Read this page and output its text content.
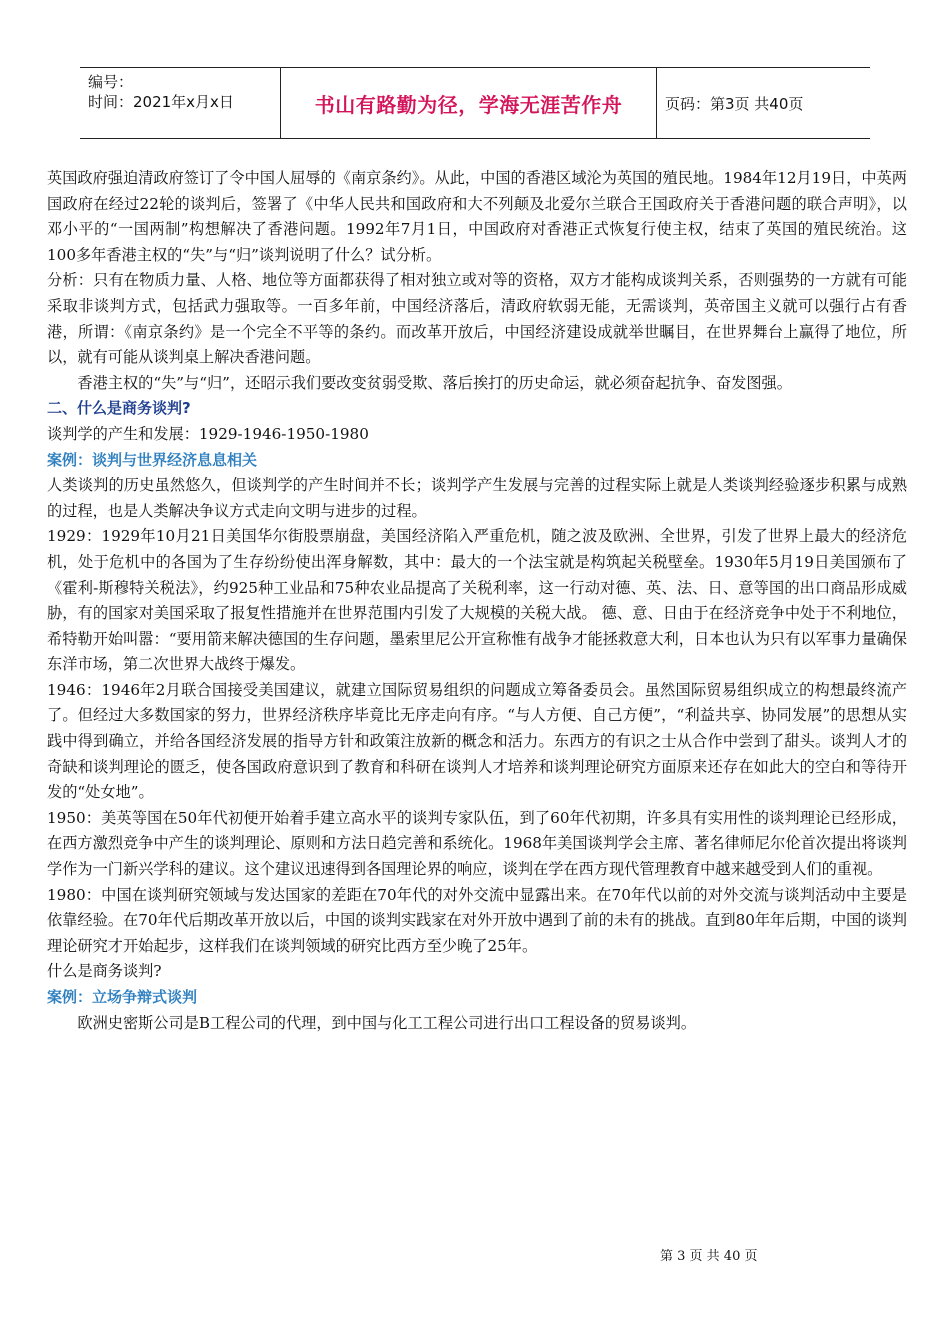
编号：
时间：2021年x月x日	书山有路勤为径，学海无涯苦作舟	页码：第3页 共40页

英国政府强迫清政府签订了令中国人屈辱的《南京条约》。从此，中国的香港区域沦为英国的殖民地。1984年12月19日，中英两国政府在经过22轮的谈判后，签署了《中华人民共和国政府和大不列颠及北爱尔兰联合王国政府关于香港问题的联合声明》，以邓小平的“一国两制”构想解决了香港问题。1992年7月1日，中国政府对香港正式恢复行使主权，结束了英国的殖民统治。这100多年香港主权的“失”与“归”谈判说明了什么？试分析。

分析：只有在物质力量、人格、地位等方面都获得了相对独立或对等的资格，双方才能构成谈判关系，否则强势的一方就有可能采取非谈判方式，包括武力强取等。一百多年前，中国经济落后，清政府软弱无能，无需谈判，英帝国主义就可以强行占有香港，所谓：《南京条约》是一个完全不平等的条约。而改革开放后，中国经济建设成就举世瞩目，在世界舞台上赢得了地位，所以，就有可能从谈判桌上解决香港问题。

香港主权的“失”与“归”，还昭示我们要改变贫弱受欺、落后挨打的历史命运，就必须奋起抗争、奋发图强。

二、什么是商务谈判?

谈判学的产生和发展：1929-1946-1950-1980

案例：谈判与世界经济息息相关

人类谈判的历史虽然悠久，但谈判学的产生时间并不长；谈判学产生发展与完善的过程实际上就是人类谈判经验逐步积累与成熟的过程，也是人类解决争议方式走向文明与进步的过程。

1929：1929年10月21日美国华尔街股票崩盘，美国经济陷入严重危机，随之波及欧洲、全世界，引发了世界上最大的经济危机，处于危机中的各国为了生存纷纷使出浑身解数，其中：最大的一个法宝就是构筑起关税壁垒。1930年5月19日美国颁布了《霍利-斯穆特关税法》，约925种工业品和75种农业品提高了关税利率，这一行动对德、英、法、日、意等国的出口商品形成威胁，有的国家对美国采取了报复性措施并在世界范围内引发了大规模的关税大战。 德、意、日由于在经济竞争中处于不利地位，希特勒开始叫嚣：“要用箭来解决德国的生存问题，墨索里尼公开宣称惟有战争才能拯救意大利，日本也认为只有以军事力量确保东洋市场，第二次世界大战终于爆发。

1946：1946年2月联合国接受美国建议，就建立国际贸易组织的问题成立筹备委员会。虽然国际贸易组织成立的构想最终流产了。但经过大多数国家的努力，世界经济秩序毕竟比无序走向有序。“与人方便、自己方便”，“利益共享、协同发展”的思想从实践中得到确立，并给各国经济发展的指导方针和政策注放新的概念和活力。东西方的有识之士从合作中尝到了甜头。谈判人才的奇缺和谈判理论的匮乏，使各国政府意识到了教育和科研在谈判人才培养和谈判理论研究方面原来还存在如此大的空白和等待开发的“处女地”。

1950：美英等国在50年代初便开始着手建立高水平的谈判专家队伍，到了60年代初期，许多具有实用性的谈判理论已经形成，在西方激烈竞争中产生的谈判理论、原则和方法日趋完善和系统化。1968年美国谈判学会主席、著名律师尼尔伦首次提出将谈判学作为一门新兴学科的建议。这个建议迅速得到各国理论界的响应，谈判在学在西方现代管理教育中越来越受到人们的重视。

1980：中国在谈判研究领域与发达国家的差距在70年代的对外交流中显露出来。在70年代以前的对外交流与谈判活动中主要是依靠经验。在70年代后期改革开放以后，中国的谈判实践家在对外开放中遇到了前的未有的挑战。直到80年年后期，中国的谈判理论研究才开始起步，这样我们在谈判领域的研究比西方至少晚了25年。

什么是商务谈判?

案例：立场争辩式谈判

欧洲史密斯公司是B工程公司的代理，到中国与化工工程公司进行出口工程设备的贸易谈判。

第 3 页 共 40 页
